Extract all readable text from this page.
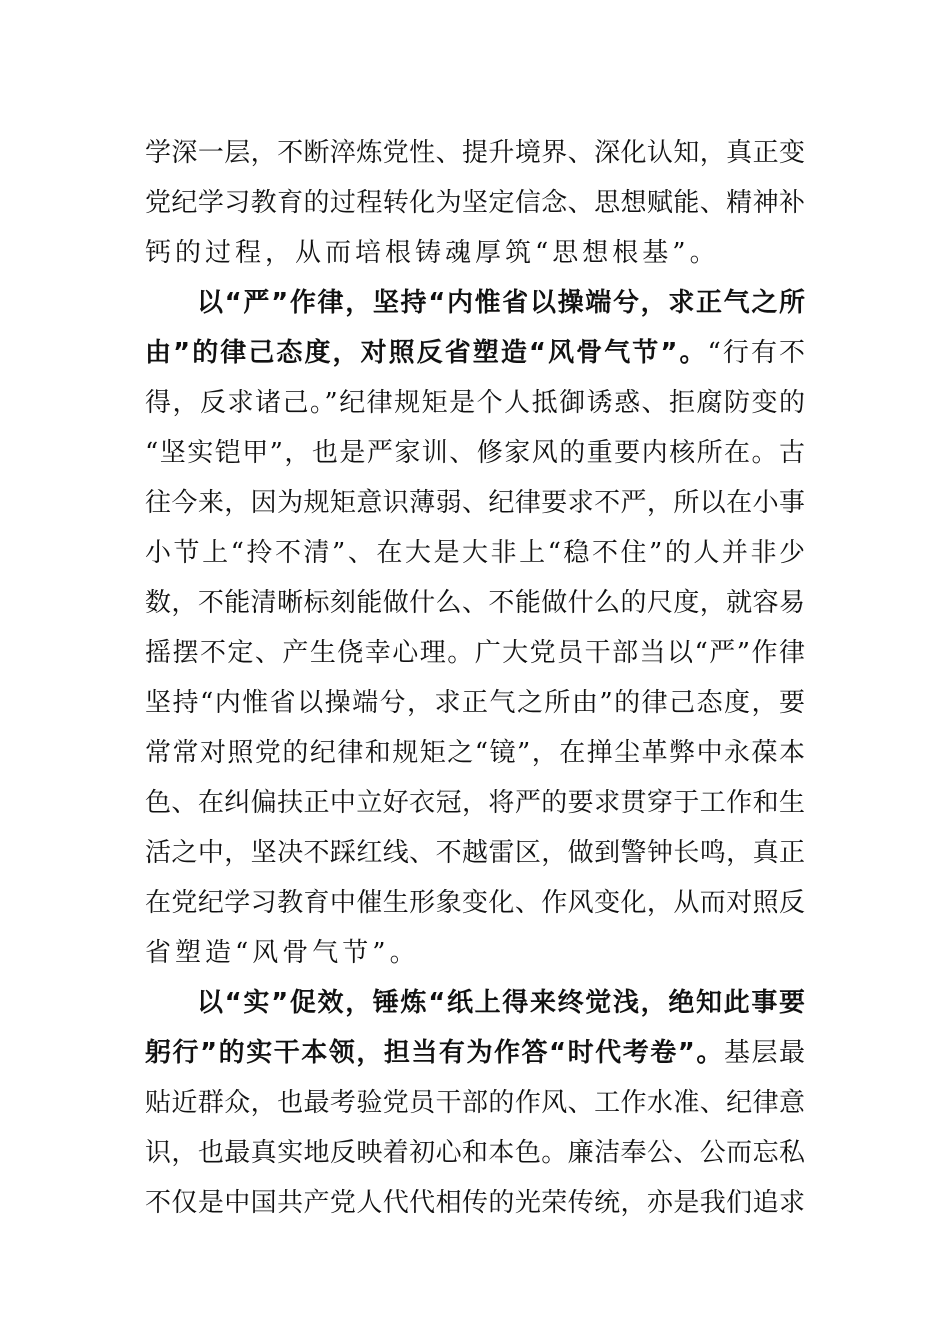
学深一层，不断淬炼党性、提升境界、深化认知，真正变
党纪学习教育的过程转化为坚定信念、思想赋能、精神补
钙的过程，从而培根铸魂厚筑“思想根基”。
以“严”作律，坚持“内惟省以操端兮，求正气之所
由”的律己态度，对照反省塑造“风骨气节”。“行有不
得，反求诸己。”纪律规矩是个人抵御诱惑、拒腐防变的
“坚实铠甲”，也是严家训、修家风的重要内核所在。古
往今来，因为规矩意识薄弱、纪律要求不严，所以在小事
小节上“拎不清”、在大是大非上“稳不住”的人并非少
数，不能清晰标刻能做什么、不能做什么的尺度，就容易
摇摆不定、产生侥幸心理。广大党员干部当以“严”作律
坚持“内惟省以操端兮，求正气之所由”的律己态度，要
常常对照党的纪律和规矩之“镜”，在掸尘革弊中永葆本
色、在纠偏扶正中立好衣冠，将严的要求贯穿于工作和生
活之中，坚决不踩红线、不越雷区，做到警钟长鸣，真正
在党纪学习教育中催生形象变化、作风变化，从而对照反
省塑造“风骨气节”。
以“实”促效，锤炼“纸上得来终觉浅，绝知此事要
躬行”的实干本领，担当有为作答“时代考卷”。基层最
贴近群众，也最考验党员干部的作风、工作水准、纪律意
识，也最真实地反映着初心和本色。廉洁奉公、公而忘私
不仅是中国共产党人代代相传的光荣传统，亦是我们追求
